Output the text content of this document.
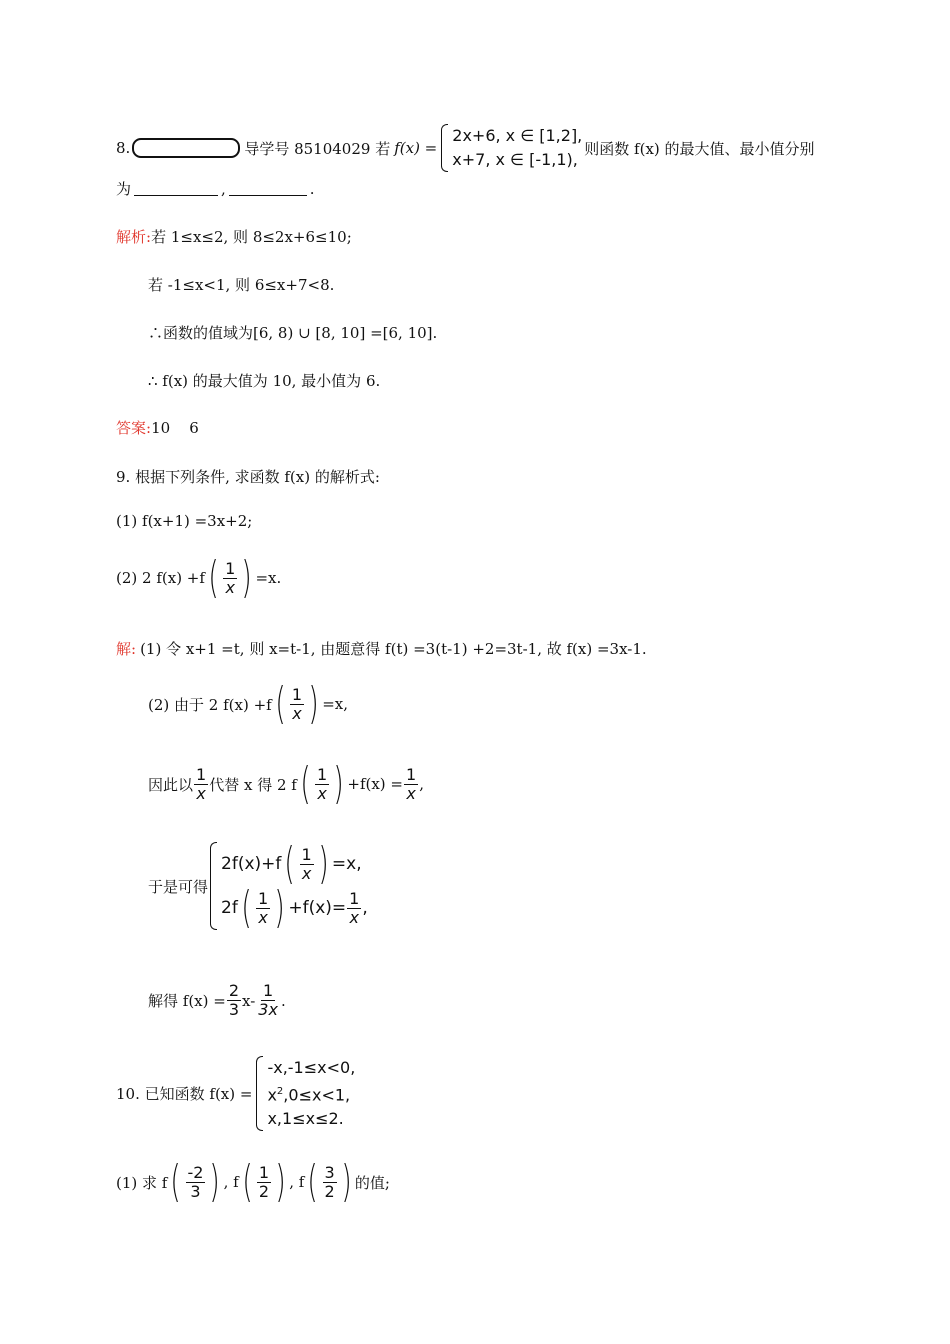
8.	导学号 85104029 若 f(x) =
2x+6, x ∈ [1,2],
x+7, x ∈ [-1,1),
则函数 f(x) 的最大值、最小值分别
为	,	.
解析: 若 1≤x≤2, 则 8≤2x+6≤10;
若 -1≤x<1, 则 6≤x+7<8.
∴函数的值域为[6, 8) ∪ [8, 10] =[6, 10].
∴ f(x) 的最大值为 10, 最小值为 6.
答案: 10    6
9. 根据下列条件, 求函数 f(x) 的解析式:
(1) f(x+1) =3x+2;
(2) 2 f(x) +f ( $\frac{1}{x}$ ) =x.
解: (1) 令 x+1 =t, 则 x=t-1, 由题意得 f(t) =3(t-1) +2=3t-1, 故 f(x) =3x-1.
(2) 由于 2 f(x) +f ( $\frac{1}{x}$ ) =x,
因此以 $\frac{1}{x}$ 代替 x 得 2 f ( $\frac{1}{x}$ ) $+f(x) = \frac{1}{x}$ ,
于是可得
2f(x)+f ( $\frac{1}{x}$ ) =x,
2f ( $\frac{1}{x}$ ) $+f(x)= \frac{1}{x}$ ,
解得 $f(x) = \frac{2}{3} x- \frac{1}{3x}$ .
10. 已知函数 f(x) =
-x,-1≤x<0,
$x^2,0\le x<1$,
x,1≤x≤2.
(1) 求 f ( $\frac{-2}{3}$ ) , f ( $\frac{1}{2}$ ) , f ( $\frac{3}{2}$ ) 的值;
